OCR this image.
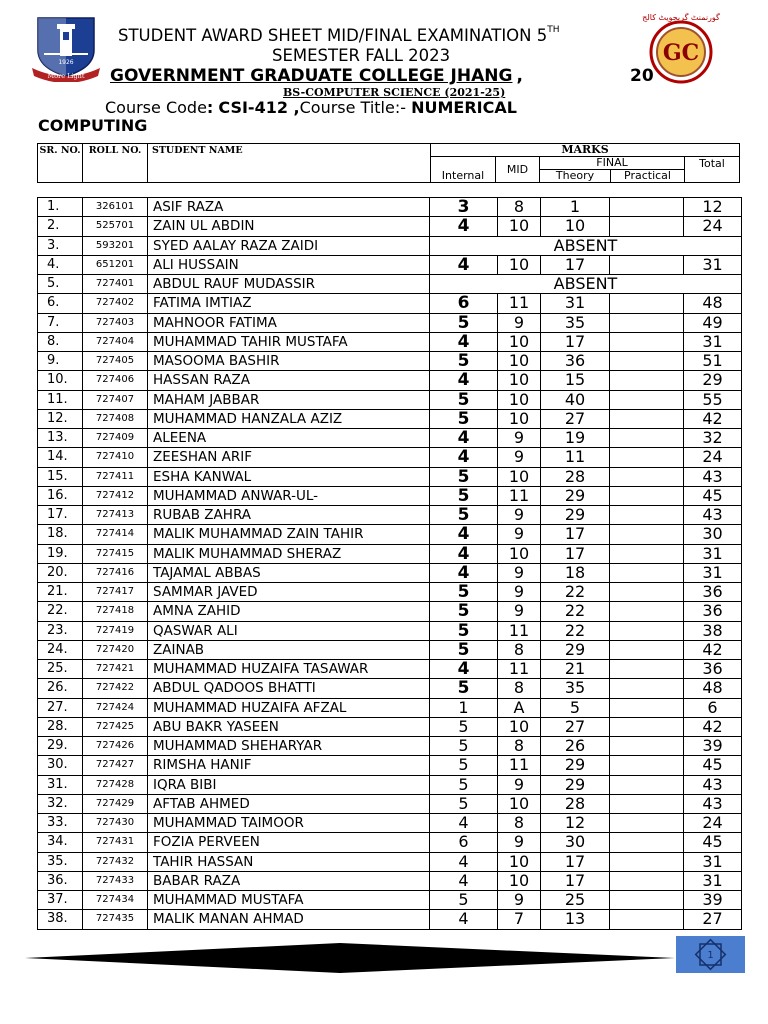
More Light
1926	GC
گورنمنٹ گریجویٹ کالج
STUDENT AWARD SHEET MID/FINAL EXAMINATION 5TH
SEMESTER FALL 2023
GOVERNMENT GRADUATE COLLEGE JHANG ,	20
BS-COMPUTER SCIENCE (2021-25)
Course Code: CSI-412 ,Course Title:- NUMERICAL
COMPUTING
SR. NO.	ROLL NO.	STUDENT NAME	MARKS				
			Internal	MID	FINAL		Total
					Theory	Practical	
1.	326101	ASIF RAZA	3	8	1		12
2.	525701	ZAIN UL ABDIN	4	10	10		24
3.	593201	SYED AALAY RAZA ZAIDI	ABSENT				
4.	651201	ALI HUSSAIN	4	10	17		31
5.	727401	ABDUL RAUF MUDASSIR	ABSENT				
6.	727402	FATIMA IMTIAZ	6	11	31		48
7.	727403	MAHNOOR FATIMA	5	9	35		49
8.	727404	MUHAMMAD TAHIR MUSTAFA	4	10	17		31
9.	727405	MASOOMA BASHIR	5	10	36		51
10.	727406	HASSAN RAZA	4	10	15		29
11.	727407	MAHAM JABBAR	5	10	40		55
12.	727408	MUHAMMAD HANZALA AZIZ	5	10	27		42
13.	727409	ALEENA	4	9	19		32
14.	727410	ZEESHAN ARIF	4	9	11		24
15.	727411	ESHA KANWAL	5	10	28		43
16.	727412	MUHAMMAD ANWAR-UL-	5	11	29		45
17.	727413	RUBAB ZAHRA	5	9	29		43
18.	727414	MALIK MUHAMMAD ZAIN TAHIR	4	9	17		30
19.	727415	MALIK MUHAMMAD SHERAZ	4	10	17		31
20.	727416	TAJAMAL ABBAS	4	9	18		31
21.	727417	SAMMAR JAVED	5	9	22		36
22.	727418	AMNA ZAHID	5	9	22		36
23.	727419	QASWAR ALI	5	11	22		38
24.	727420	ZAINAB	5	8	29		42
25.	727421	MUHAMMAD HUZAIFA TASAWAR	4	11	21		36
26.	727422	ABDUL QADOOS BHATTI	5	8	35		48
27.	727424	MUHAMMAD HUZAIFA AFZAL	1	A	5		6
28.	727425	ABU BAKR YASEEN	5	10	27		42
29.	727426	MUHAMMAD SHEHARYAR	5	8	26		39
30.	727427	RIMSHA HANIF	5	11	29		45
31.	727428	IQRA BIBI	5	9	29		43
32.	727429	AFTAB AHMED	5	10	28		43
33.	727430	MUHAMMAD TAIMOOR	4	8	12		24
34.	727431	FOZIA PERVEEN	6	9	30		45
35.	727432	TAHIR HASSAN	4	10	17		31
36.	727433	BABAR RAZA	4	10	17		31
37.	727434	MUHAMMAD MUSTAFA	5	9	25		39
38.	727435	MALIK MANAN AHMAD	4	7	13		27
1
